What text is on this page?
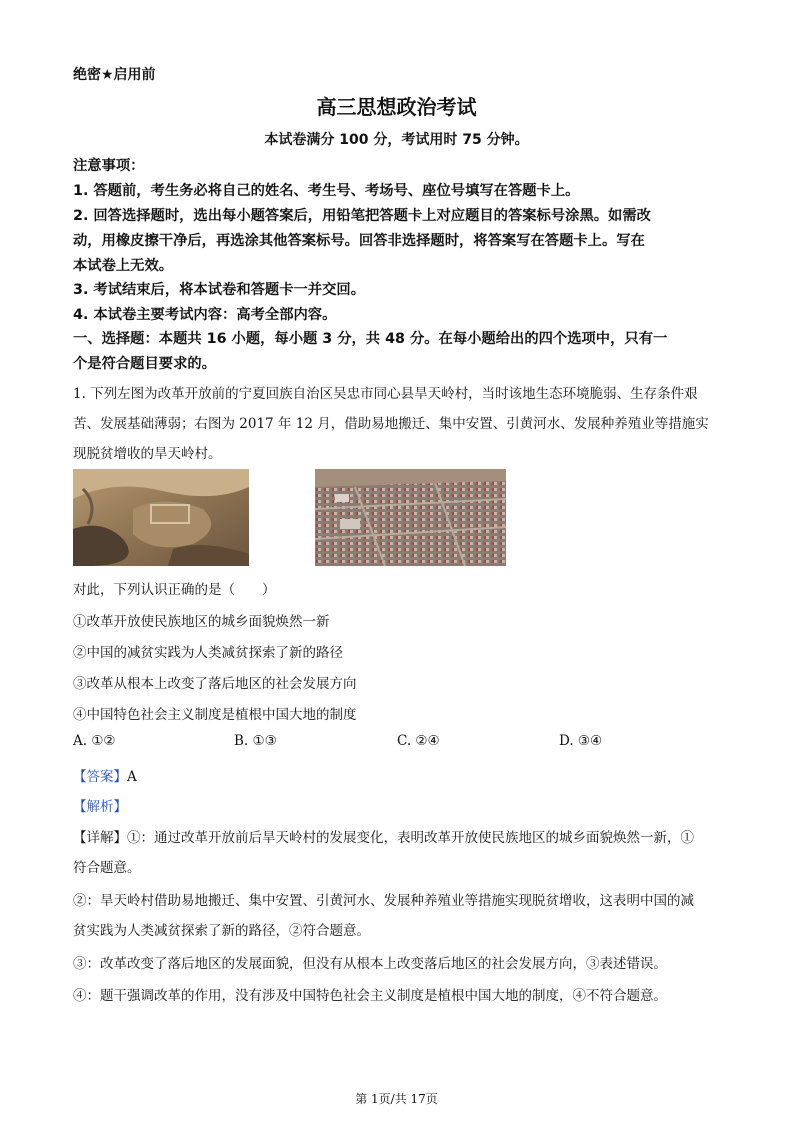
绝密★启用前
高三思想政治考试
本试卷满分 100 分，考试用时 75 分钟。
注意事项：
1. 答题前，考生务必将自己的姓名、考生号、考场号、座位号填写在答题卡上。
2. 回答选择题时，选出每小题答案后，用铅笔把答题卡上对应题目的答案标号涂黑。如需改
动，用橡皮擦干净后，再选涂其他答案标号。回答非选择题时，将答案写在答题卡上。写在
本试卷上无效。
3. 考试结束后，将本试卷和答题卡一并交回。
4. 本试卷主要考试内容：高考全部内容。
一、选择题：本题共 16 小题，每小题 3 分，共 48 分。在每小题给出的四个选项中，只有一
个是符合题目要求的。
1. 下列左图为改革开放前的宁夏回族自治区吴忠市同心县旱天岭村，当时该地生态环境脆弱、生存条件艰
苦、发展基础薄弱；右图为 2017 年 12 月，借助易地搬迁、集中安置、引黄河水、发展种养殖业等措施实
现脱贫增收的旱天岭村。
对此，下列认识正确的是（　　）
①改革开放使民族地区的城乡面貌焕然一新
②中国的减贫实践为人类减贫探索了新的路径
③改革从根本上改变了落后地区的社会发展方向
④中国特色社会主义制度是植根中国大地的制度
A. ①②	B. ①③	C. ②④	D. ③④
【答案】A
【解析】
【详解】①：通过改革开放前后旱天岭村的发展变化，表明改革开放使民族地区的城乡面貌焕然一新，①
符合题意。
②：旱天岭村借助易地搬迁、集中安置、引黄河水、发展种养殖业等措施实现脱贫增收，这表明中国的减
贫实践为人类减贫探索了新的路径，②符合题意。
③：改革改变了落后地区的发展面貌，但没有从根本上改变落后地区的社会发展方向，③表述错误。
④：题干强调改革的作用，没有涉及中国特色社会主义制度是植根中国大地的制度，④不符合题意。
第 1页/共 17页
